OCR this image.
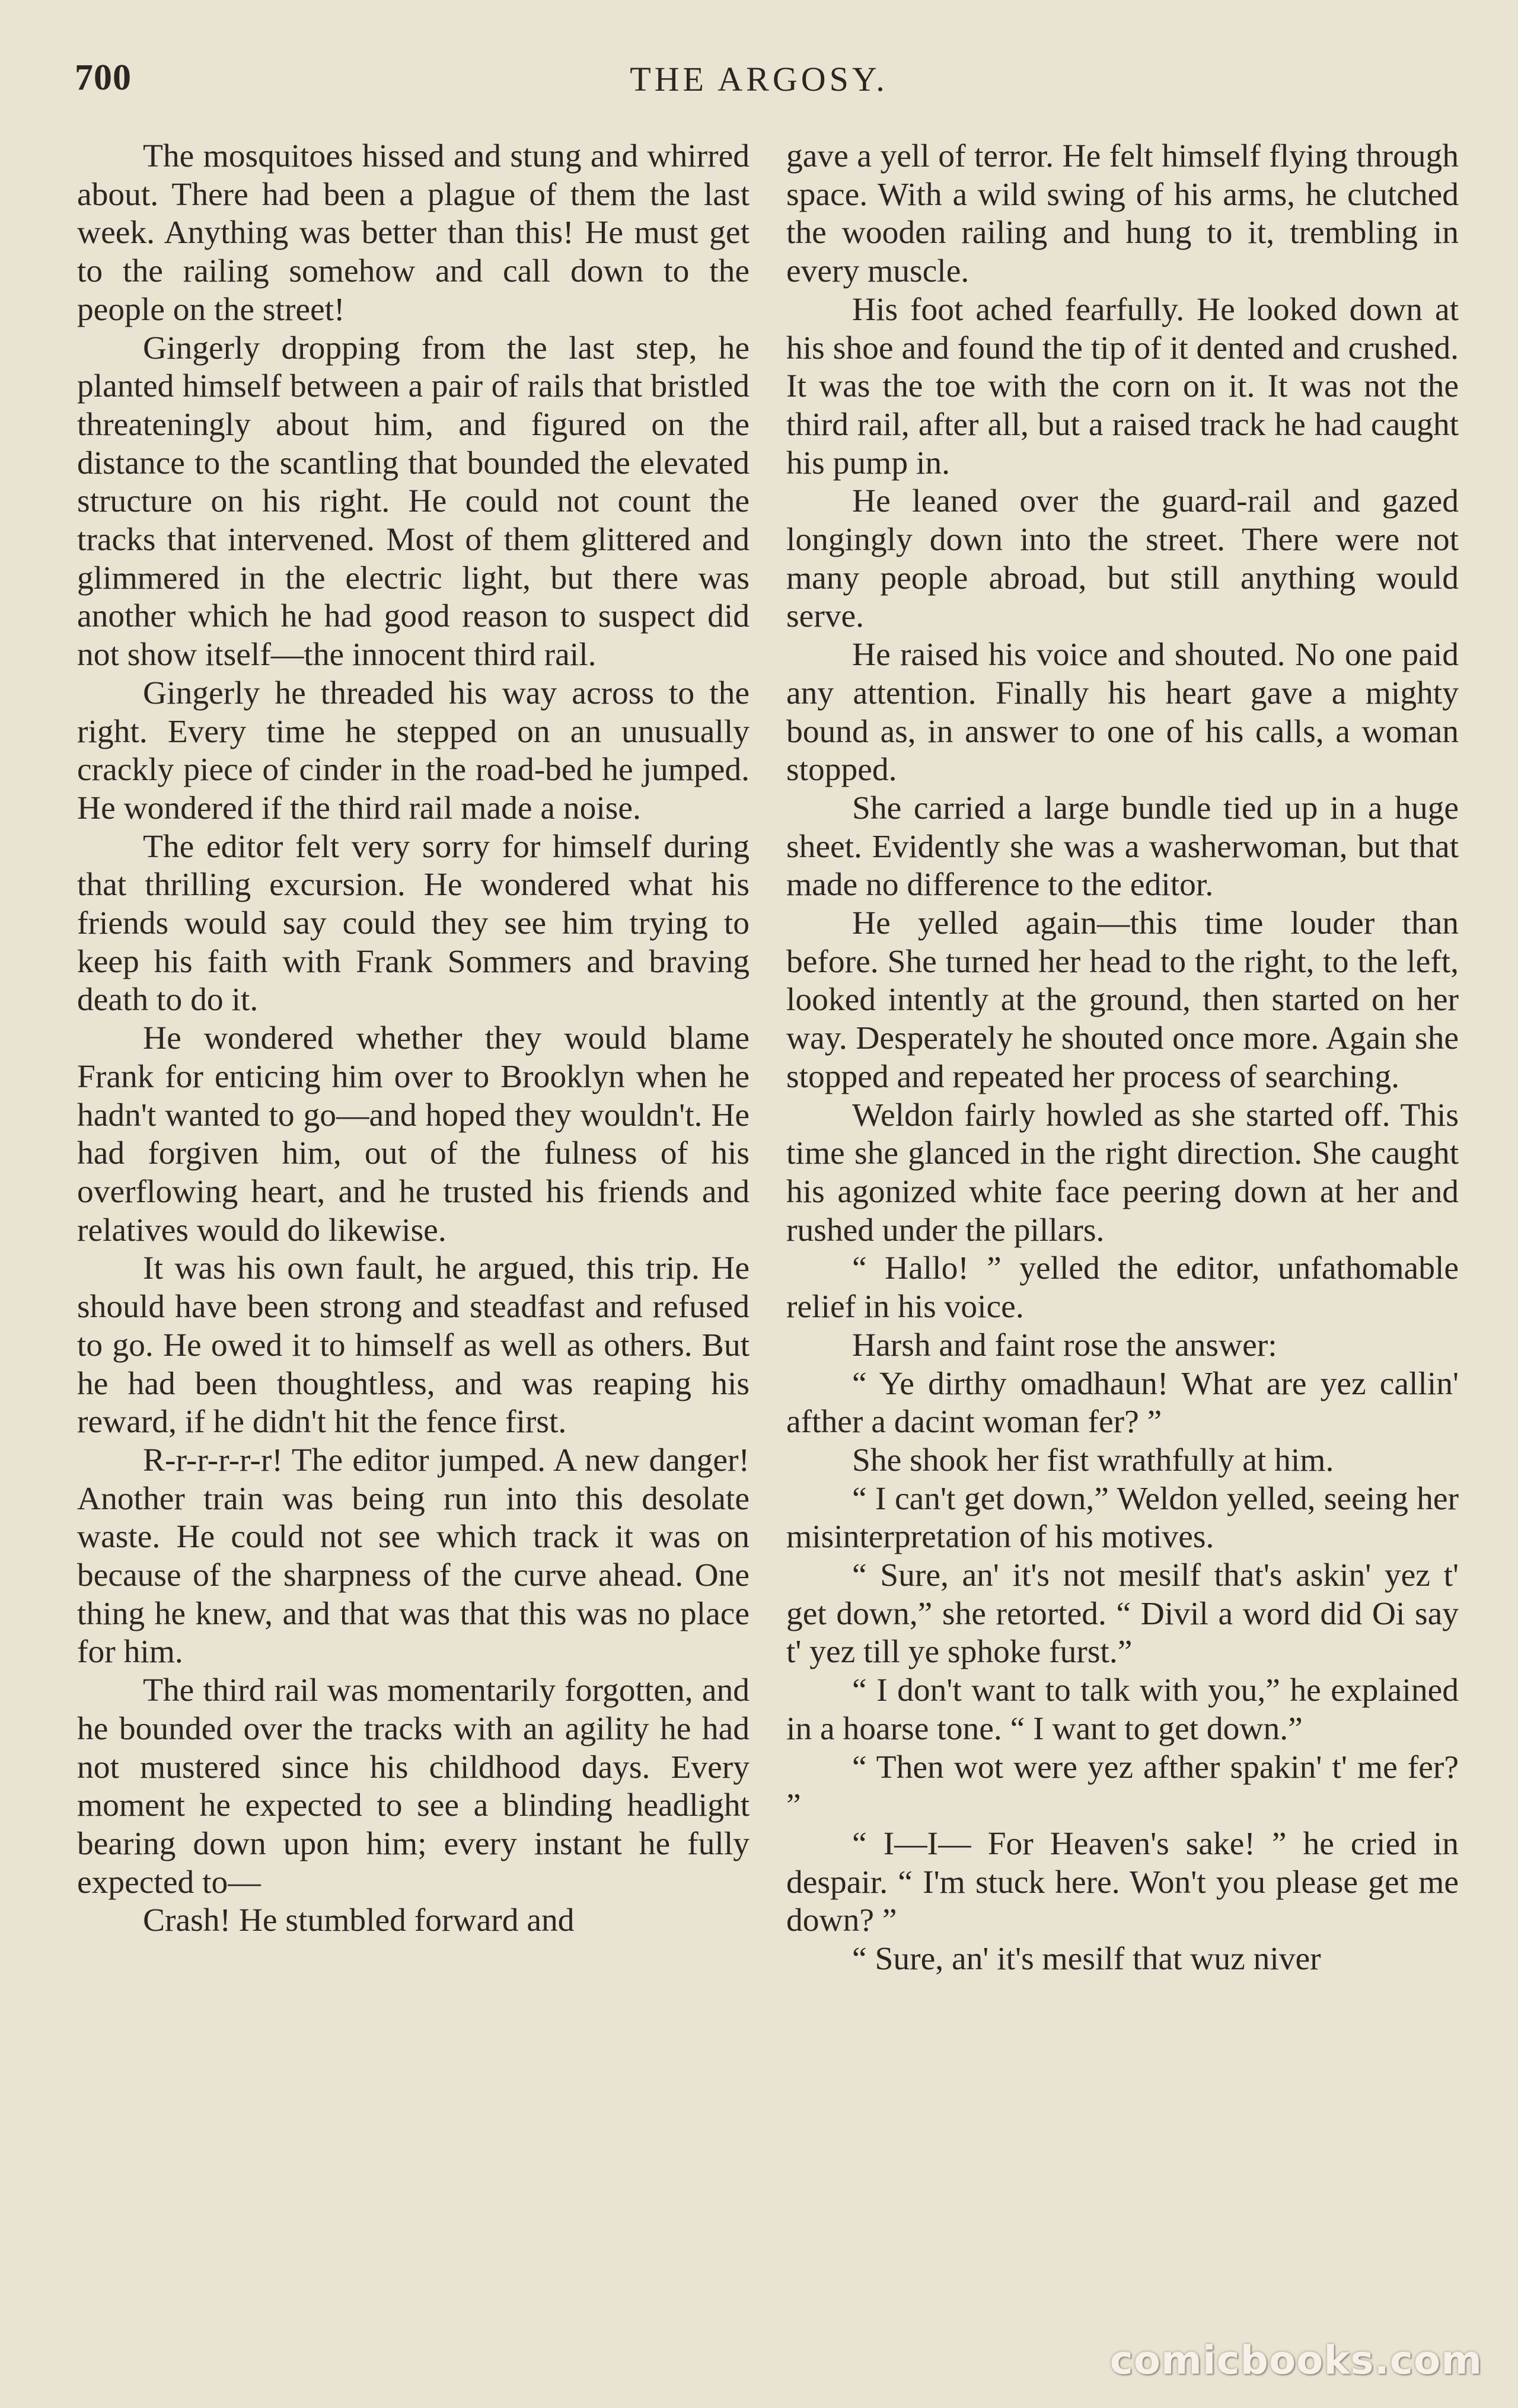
700	THE ARGOSY.

The mosquitoes hissed and stung and whirred about. There had been a plague of them the last week. Anything was better than this! He must get to the railing somehow and call down to the people on the street!

Gingerly dropping from the last step, he planted himself between a pair of rails that bristled threateningly about him, and figured on the distance to the scantling that bounded the elevated structure on his right. He could not count the tracks that intervened. Most of them glittered and glimmered in the electric light, but there was another which he had good reason to suspect did not show itself—the innocent third rail.

Gingerly he threaded his way across to the right. Every time he stepped on an unusually crackly piece of cinder in the road-bed he jumped. He wondered if the third rail made a noise.

The editor felt very sorry for himself during that thrilling excursion. He wondered what his friends would say could they see him trying to keep his faith with Frank Sommers and braving death to do it.

He wondered whether they would blame Frank for enticing him over to Brooklyn when he hadn't wanted to go—and hoped they wouldn't. He had forgiven him, out of the fulness of his overflowing heart, and he trusted his friends and relatives would do likewise.

It was his own fault, he argued, this trip. He should have been strong and steadfast and refused to go. He owed it to himself as well as others. But he had been thoughtless, and was reaping his reward, if he didn't hit the fence first.

R-r-r-r-r-r! The editor jumped. A new danger! Another train was being run into this desolate waste. He could not see which track it was on because of the sharpness of the curve ahead. One thing he knew, and that was that this was no place for him.

The third rail was momentarily forgotten, and he bounded over the tracks with an agility he had not mustered since his childhood days. Every moment he expected to see a blinding headlight bearing down upon him; every instant he fully expected to—

Crash! He stumbled forward and

gave a yell of terror. He felt himself flying through space. With a wild swing of his arms, he clutched the wooden railing and hung to it, trembling in every muscle.

His foot ached fearfully. He looked down at his shoe and found the tip of it dented and crushed. It was the toe with the corn on it. It was not the third rail, after all, but a raised track he had caught his pump in.

He leaned over the guard-rail and gazed longingly down into the street. There were not many people abroad, but still anything would serve.

He raised his voice and shouted. No one paid any attention. Finally his heart gave a mighty bound as, in answer to one of his calls, a woman stopped.

She carried a large bundle tied up in a huge sheet. Evidently she was a washerwoman, but that made no difference to the editor.

He yelled again—this time louder than before. She turned her head to the right, to the left, looked intently at the ground, then started on her way. Desperately he shouted once more. Again she stopped and repeated her process of searching.

Weldon fairly howled as she started off. This time she glanced in the right direction. She caught his agonized white face peering down at her and rushed under the pillars.

“ Hallo! ” yelled the editor, unfathomable relief in his voice.

Harsh and faint rose the answer:

“ Ye dirthy omadhaun! What are yez callin' afther a dacint woman fer? ”

She shook her fist wrathfully at him.

“ I can't get down,” Weldon yelled, seeing her misinterpretation of his motives.

“ Sure, an' it's not mesilf that's askin' yez t' get down,” she retorted. “ Divil a word did Oi say t' yez till ye sphoke furst.”

“ I don't want to talk with you,” he explained in a hoarse tone. “ I want to get down.”

“ Then wot were yez afther spakin' t' me fer? ”

“ I—I— For Heaven's sake! ” he cried in despair. “ I'm stuck here. Won't you please get me down? ”

“ Sure, an' it's mesilf that wuz niver

comicbooks.com
